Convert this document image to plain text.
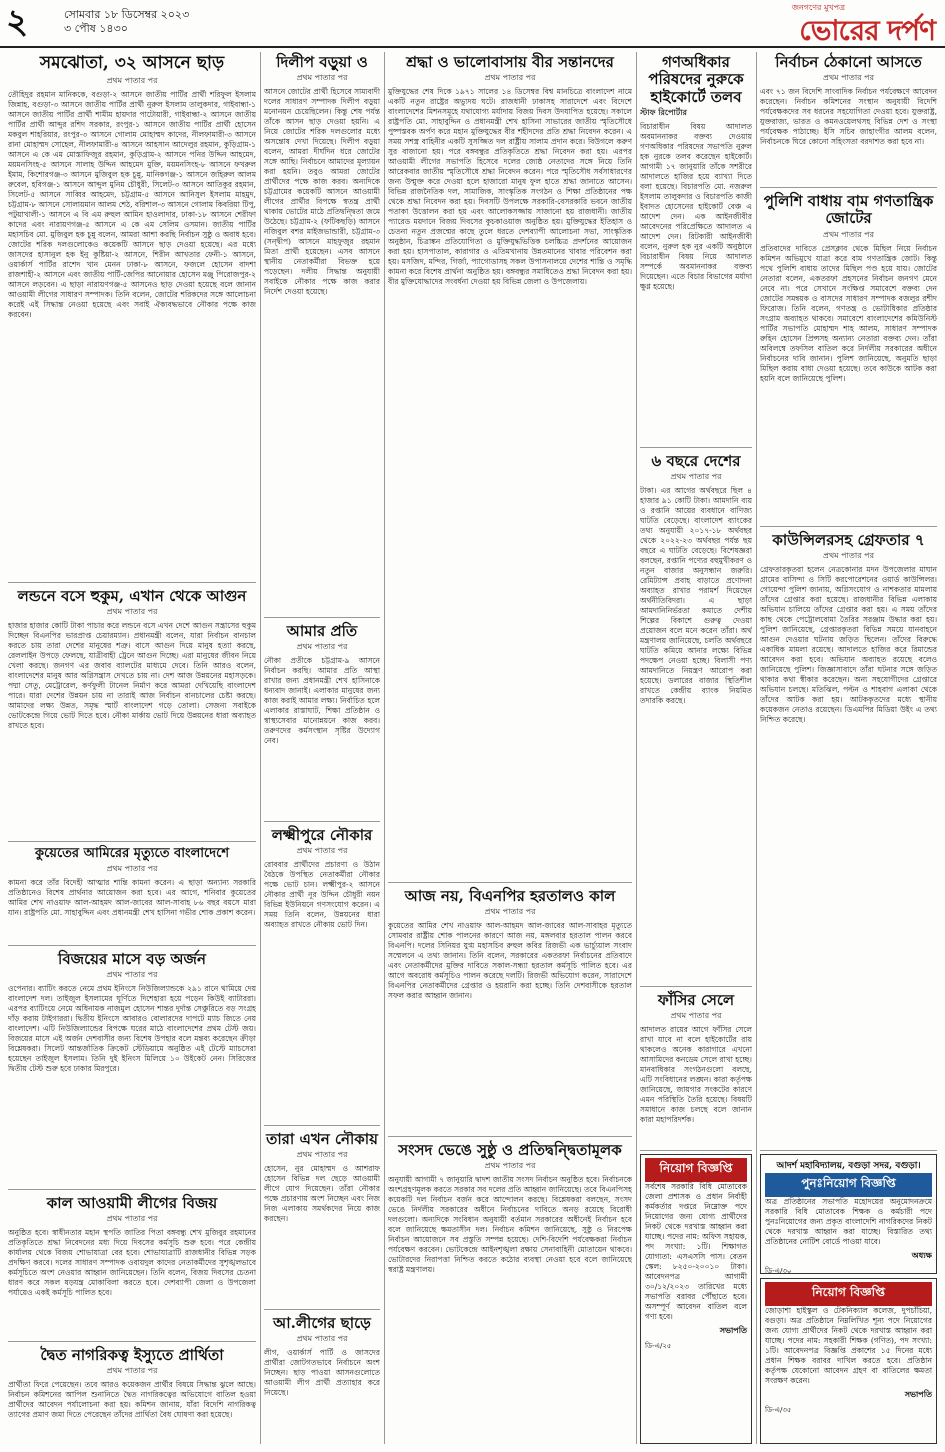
২	সোমবার ১৮ ডিসেম্বর ২০২৩
৩ পৌষ ১৪৩০
জনগণের মুখপত্র
ভোরের দর্পণ
সমঝোতা, ৩২ আসনে ছাড়
প্রথম পাতার পর
তৌহিদুর রহমান মানিককে, বগুড়া-২ আসনে জাতীয় পার্টির প্রার্থী শরিফুল ইসলাম জিন্নাহ, বগুড়া-৩ আসনে জাতীয় পার্টির প্রার্থী নুরুল ইসলাম তালুকদার, গাইবান্ধা-১ আসনে জাতীয় পার্টির প্রার্থী শামীম হায়দার পাটোয়ারী, গাইবান্ধা-২ আসনে জাতীয় পার্টির প্রার্থী আব্দুর রশিদ সরকার, রংপুর-১ আসনে জাতীয় পার্টির প্রার্থী হোসেন মকবুল শাহরিয়ার, রংপুর-৩ আসনে গোলাম মোহাম্মদ কাদের, নীলফামারী-৩ আসনে রানা মোহাম্মদ সোহেল, নীলফামারী-৪ আসনে আহসান আদেলুর রহমান, কুড়িগ্রাম-১ আসনে এ কে এম মোস্তাফিজুর রহমান, কুড়িগ্রাম-২ আসনে পনির উদ্দিন আহমেদ, ময়মনসিংহ-৫ আসনে সালাহ উদ্দিন আহমেদ মুক্তি, ময়মনসিংহ-৮ আসনে ফখরুল ইমাম, কিশোরগঞ্জ-৩ আসনে মুজিবুল হক চুন্নু, মানিকগঞ্জ-১ আসনে জহিরুল আলম রুবেল, হবিগঞ্জ-১ আসনে আব্দুল মুনিম চৌধুরী, সিলেট-৩ আসনে আতিকুর রহমান, সিলেট-৫ আসনে সাব্বির আহমেদ, চট্টগ্রাম-৫ আসনে আনিসুল ইসলাম মাহমুদ, চট্টগ্রাম-৮ আসনে সোলায়মান আলম শেঠ, বরিশাল-৩ আসনে গোলাম কিবরিয়া টিপু, পটুয়াখালী-১ আসনে এ বি এম রুহুল আমিন হাওলাদার, ঢাকা-১৮ আসনে শেরীফা কাদের এবং নারায়ণগঞ্জ-৫ আসনে এ কে এম সেলিম ওসমান। জাতীয় পার্টির মহাসচিব মো. মুজিবুল হক চুন্নু বলেন, আমরা আশা করছি নির্বাচন সুষ্ঠু ও অবাধ হবে। জোটের শরিক দলগুলোকেও কয়েকটি আসনে ছাড় দেওয়া হয়েছে। এর মধ্যে জাসদের হাসানুল হক ইনু কুষ্টিয়া-২ আসনে, শিরীন আখতার ফেনী-১ আসনে, ওয়ার্কার্স পার্টির রাশেদ খান মেনন ঢাকা-৮ আসনে, ফজলে হোসেন বাদশা রাজশাহী-২ আসনে এবং জাতীয় পার্টি-জেপির আনোয়ার হোসেন মঞ্জু পিরোজপুর-২ আসনে লড়বেন। এ ছাড়া নারায়ণগঞ্জ-৫ আসনেও ছাড় দেওয়া হয়েছে বলে জানান আওয়ামী লীগের সাধারণ সম্পাদক। তিনি বলেন, জোটের শরিকদের সঙ্গে আলোচনা করেই এই সিদ্ধান্ত নেওয়া হয়েছে এবং সবাই ঐক্যবদ্ধভাবে নৌকার পক্ষে কাজ করবেন।
লন্ডনে বসে হুকুম, এখান থেকে আগুন
প্রথম পাতার পর
হাজার হাজার কোটি টাকা পাচার করে লন্ডনে বসে এখন দেশে আগুন সন্ত্রাসের হুকুম দিচ্ছেন বিএনপির ভারপ্রাপ্ত চেয়ারম্যান। প্রধানমন্ত্রী বলেন, যারা নির্বাচন বানচাল করতে চায় তারা দেশের মানুষের শত্রু। বাসে আগুন দিয়ে মানুষ হত্যা করছে, রেললাইন উপড়ে ফেলছে, যাত্রীবাহী ট্রেনে আগুন দিচ্ছে। এরা মানুষের জীবন নিয়ে খেলা করছে। জনগণ এর জবাব ব্যালটের মাধ্যমে দেবে। তিনি আরও বলেন, বাংলাদেশের মানুষ আর অগ্নিসন্ত্রাস দেখতে চায় না। দেশ আজ উন্নয়নের মহাসড়কে। পদ্মা সেতু, মেট্রোরেল, কর্ণফুলী টানেল নির্মাণ করে আমরা দেখিয়েছি বাংলাদেশ পারে। যারা দেশের উন্নয়ন চায় না তারাই আজ নির্বাচন বানচালের চেষ্টা করছে। আমাদের লক্ষ্য উন্নত, সমৃদ্ধ স্মার্ট বাংলাদেশ গড়ে তোলা। সেজন্য সবাইকে ভোটকেন্দ্রে গিয়ে ভোট দিতে হবে। নৌকা মার্কায় ভোট দিয়ে উন্নয়নের ধারা অব্যাহত রাখতে হবে।
কুয়েতের আমিরের মৃত্যুতে বাংলাদেশে
প্রথম পাতার পর
কামনা করে তাঁর বিদেহী আত্মার শান্তি কামনা করেন। এ ছাড়া অন্যান্য সরকারি প্রতিষ্ঠানেও বিশেষ প্রার্থনার আয়োজন করা হবে। এর আগে, শনিবার কুয়েতের আমির শেখ নাওয়াফ আল-আহমদ আল-জাবের আল-সাবাহ ৮৬ বছর বয়সে মারা যান। রাষ্ট্রপতি মো. সাহাবুদ্দিন এবং প্রধানমন্ত্রী শেখ হাসিনা গভীর শোক প্রকাশ করেন।
বিজয়ের মাসে বড় অর্জন
প্রথম পাতার পর
ওপেনার। ব্যাটিং করতে নেমে প্রথম ইনিংসে নিউজিল্যান্ডকে ২৯১ রানে থামিয়ে দেয় বাংলাদেশ দল। তাইজুল ইসলামের ঘূর্ণিতে দিশেহারা হয়ে পড়েন কিউই ব্যাটাররা। এরপর ব্যাটিংয়ে নেমে অধিনায়ক নাজমুল হোসেন শান্তর দুর্দান্ত সেঞ্চুরিতে বড় সংগ্রহ দাঁড় করায় টাইগাররা। দ্বিতীয় ইনিংসে আবারও বোলারদের দাপটে ম্যাচ জিতে নেয় বাংলাদেশ। এটি নিউজিল্যান্ডের বিপক্ষে ঘরের মাঠে বাংলাদেশের প্রথম টেস্ট জয়। বিজয়ের মাসে এই অর্জন দেশবাসীর জন্য বিশেষ উপহার বলে মন্তব্য করেছেন ক্রীড়া বিশ্লেষকরা। সিলেট আন্তর্জাতিক ক্রিকেট স্টেডিয়ামে অনুষ্ঠিত এই টেস্টে ম্যাচসেরা হয়েছেন তাইজুল ইসলাম। তিনি দুই ইনিংস মিলিয়ে ১০ উইকেট নেন। সিরিজের দ্বিতীয় টেস্ট শুরু হবে ঢাকার মিরপুরে।
কাল আওয়ামী লীগের বিজয়
প্রথম পাতার পর
অনুষ্ঠিত হবে। স্বাধীনতার মহান স্থপতি জাতির পিতা বঙ্গবন্ধু শেখ মুজিবুর রহমানের প্রতিকৃতিতে শ্রদ্ধা নিবেদনের মধ্য দিয়ে দিবসের কর্মসূচি শুরু হবে। পরে কেন্দ্রীয় কার্যালয় থেকে বিজয় শোভাযাত্রা বের হবে। শোভাযাত্রাটি রাজধানীর বিভিন্ন সড়ক প্রদক্ষিণ করবে। দলের সাধারণ সম্পাদক ওবায়দুল কাদের নেতাকর্মীদের সুশৃঙ্খলভাবে কর্মসূচিতে অংশ নেওয়ার আহ্বান জানিয়েছেন। তিনি বলেন, বিজয় দিবসের চেতনা ধারণ করে সকল ষড়যন্ত্র মোকাবিলা করতে হবে। দেশব্যাপী জেলা ও উপজেলা পর্যায়েও একই কর্মসূচি পালিত হবে।
দ্বৈত নাগরিকত্ব ইস্যুতে প্রার্থিতা
প্রথম পাতার পর
প্রার্থীতা ফিরে পেয়েছেন। তবে আরও কয়েকজন প্রার্থীর বিষয়ে সিদ্ধান্ত ঝুলে আছে। নির্বাচন কমিশনের আপিল শুনানিতে দ্বৈত নাগরিকত্বের অভিযোগে বাতিল হওয়া প্রার্থীদের আবেদন পর্যালোচনা করা হয়। কমিশন জানায়, যাঁরা বিদেশি নাগরিকত্ব ত্যাগের প্রমাণ জমা দিতে পেরেছেন তাঁদের প্রার্থিতা বৈধ ঘোষণা করা হয়েছে।
দিলীপ বড়ুয়া ও
প্রথম পাতার পর
আসনে জোটের প্রার্থী হিসেবে সাম্যবাদী দলের সাধারণ সম্পাদক দিলীপ বড়ুয়া মনোনয়ন চেয়েছিলেন। কিন্তু শেষ পর্যন্ত তাঁকে আসন ছাড় দেওয়া হয়নি। এ নিয়ে জোটের শরিক দলগুলোর মধ্যে অসন্তোষ দেখা দিয়েছে। দিলীপ বড়ুয়া বলেন, আমরা দীর্ঘদিন ধরে জোটের সঙ্গে আছি। নির্বাচনে আমাদের মূল্যায়ন করা হয়নি। তবুও আমরা জোটের প্রার্থীদের পক্ষে কাজ করব। অন্যদিকে চট্টগ্রামের কয়েকটি আসনে আওয়ামী লীগের প্রার্থীর বিপক্ষে স্বতন্ত্র প্রার্থী থাকায় ভোটের মাঠে প্রতিদ্বন্দ্বিতা জমে উঠেছে। চট্টগ্রাম-২ (ফটিকছড়ি) আসনে নজিবুল বশর মাইজভান্ডারী, চট্টগ্রাম-৩ (সন্দ্বীপ) আসনে মাহফুজুর রহমান মিতা প্রার্থী হয়েছেন। এসব আসনে স্থানীয় নেতাকর্মীরা বিভক্ত হয়ে পড়েছেন। দলীয় সিদ্ধান্ত অনুযায়ী সবাইকে নৌকার পক্ষে কাজ করার নির্দেশ দেওয়া হয়েছে।
আমার প্রতি
প্রথম পাতার পর
নৌকা প্রতীকে চট্টগ্রাম-৯ আসনে নির্বাচন করছি। আমার প্রতি আস্থা রাখার জন্য প্রধানমন্ত্রী শেখ হাসিনাকে ধন্যবাদ জানাই। এলাকার মানুষের জন্য কাজ করাই আমার লক্ষ্য। নির্বাচিত হলে এলাকার রাস্তাঘাট, শিক্ষা প্রতিষ্ঠান ও স্বাস্থ্যসেবার মানোন্নয়নে কাজ করব। তরুণদের কর্মসংস্থান সৃষ্টির উদ্যোগ নেব।
লক্ষ্মীপুরে নৌকার
প্রথম পাতার পর
রোববার প্রার্থীদের প্রচারণা ও উঠান বৈঠকে উপস্থিত নেতাকর্মীরা নৌকার পক্ষে ভোট চান। লক্ষ্মীপুর-২ আসনে নৌকার প্রার্থী নূর উদ্দিন চৌধুরী নয়ন বিভিন্ন ইউনিয়নে গণসংযোগ করেন। এ সময় তিনি বলেন, উন্নয়নের ধারা অব্যাহত রাখতে নৌকায় ভোট দিন।
তারা এখন নৌকায়
প্রথম পাতার পর
হোসেন, নুর মোহাম্মদ ও আশরাফ হোসেন বিভিন্ন দল ছেড়ে আওয়ামী লীগে যোগ দিয়েছেন। তাঁরা নৌকার পক্ষে প্রচারণায় অংশ নিচ্ছেন এবং নিজ নিজ এলাকায় সমর্থকদের নিয়ে কাজ করছেন।
আ.লীগের ছাড়ে
প্রথম পাতার পর
লীগ, ওয়ার্কার্স পার্টি ও জাসদের প্রার্থীরা জোটগতভাবে নির্বাচনে অংশ নিচ্ছেন। ছাড় পাওয়া আসনগুলোতে আওয়ামী লীগ প্রার্থী প্রত্যাহার করে নিয়েছে।
শ্রদ্ধা ও ভালোবাসায় বীর সন্তানদের
প্রথম পাতার পর
মুক্তিযুদ্ধের শেষ দিকে ১৯৭১ সালের ১৪ ডিসেম্বর বিশ্ব মানচিত্রে বাংলাদেশ নামে একটি নতুন রাষ্ট্রের অভ্যুদয় ঘটে। রাজধানী ঢাকাসহ সারাদেশে এবং বিদেশে বাংলাদেশের মিশনসমূহে যথাযোগ্য মর্যাদায় বিজয় দিবস উদযাপিত হয়েছে। সকালে রাষ্ট্রপতি মো. সাহাবুদ্দিন ও প্রধানমন্ত্রী শেখ হাসিনা সাভারের জাতীয় স্মৃতিসৌধে পুষ্পস্তবক অর্পণ করে মহান মুক্তিযুদ্ধের বীর শহীদদের প্রতি শ্রদ্ধা নিবেদন করেন। এ সময় সশস্ত্র বাহিনীর একটি সুসজ্জিত দল রাষ্ট্রীয় সালাম প্রদান করে। বিউগলে করুণ সুর বাজানো হয়। পরে বঙ্গবন্ধুর প্রতিকৃতিতে শ্রদ্ধা নিবেদন করা হয়। এরপর আওয়ামী লীগের সভাপতি হিসেবে দলের জ্যেষ্ঠ নেতাদের সঙ্গে নিয়ে তিনি আরেকবার জাতীয় স্মৃতিসৌধে শ্রদ্ধা নিবেদন করেন। পরে স্মৃতিসৌধ সর্বসাধারণের জন্য উন্মুক্ত করে দেওয়া হলে হাজারো মানুষ ফুল হাতে শ্রদ্ধা জানাতে আসেন। বিভিন্ন রাজনৈতিক দল, সামাজিক, সাংস্কৃতিক সংগঠন ও শিক্ষা প্রতিষ্ঠানের পক্ষ থেকে শ্রদ্ধা নিবেদন করা হয়। দিবসটি উপলক্ষে সরকারি-বেসরকারি ভবনে জাতীয় পতাকা উত্তোলন করা হয় এবং আলোকসজ্জায় সাজানো হয় রাজধানী। জাতীয় প্যারেড ময়দানে বিজয় দিবসের কুচকাওয়াজ অনুষ্ঠিত হয়। মুক্তিযুদ্ধের ইতিহাস ও চেতনা নতুন প্রজন্মের কাছে তুলে ধরতে দেশব্যাপী আলোচনা সভা, সাংস্কৃতিক অনুষ্ঠান, চিত্রাঙ্কন প্রতিযোগিতা ও মুক্তিযুদ্ধভিত্তিক চলচ্চিত্র প্রদর্শনের আয়োজন করা হয়। হাসপাতাল, কারাগার ও এতিমখানায় উন্নতমানের খাবার পরিবেশন করা হয়। মসজিদ, মন্দির, গির্জা, প্যাগোডাসহ সকল উপাসনালয়ে দেশের শান্তি ও সমৃদ্ধি কামনা করে বিশেষ প্রার্থনা অনুষ্ঠিত হয়। বঙ্গবন্ধুর সমাধিতেও শ্রদ্ধা নিবেদন করা হয়। বীর মুক্তিযোদ্ধাদের সংবর্ধনা দেওয়া হয় বিভিন্ন জেলা ও উপজেলায়।
আজ নয়, বিএনপির হরতালও কাল
প্রথম পাতার পর
কুয়েতের আমির শেখ নাওয়াফ আল-আহমদ আল-জাবের আল-সাবাহর মৃত্যুতে সোমবার রাষ্ট্রীয় শোক পালনের কারণে আজ নয়, মঙ্গলবার হরতাল পালন করবে বিএনপি। দলের সিনিয়র যুগ্ম মহাসচিব রুহুল কবির রিজভী এক ভার্চ্যুয়াল সংবাদ সম্মেলনে এ তথ্য জানান। তিনি বলেন, সরকারের একতরফা নির্বাচনের প্রতিবাদে এবং নেতাকর্মীদের মুক্তির দাবিতে সকাল-সন্ধ্যা হরতাল কর্মসূচি পালিত হবে। এর আগে অবরোধ কর্মসূচিও পালন করেছে দলটি। রিজভী অভিযোগ করেন, সারাদেশে বিএনপির নেতাকর্মীদের গ্রেপ্তার ও হয়রানি করা হচ্ছে। তিনি দেশবাসীকে হরতাল সফল করার আহ্বান জানান।
সংসদ ভেঙে সুষ্ঠু ও প্রতিদ্বন্দ্বিতামূলক
প্রথম পাতার পর
অনুযায়ী আগামী ৭ জানুয়ারি দ্বাদশ জাতীয় সংসদ নির্বাচন অনুষ্ঠিত হবে। নির্বাচনকে অংশগ্রহণমূলক করতে সরকার সব দলের প্রতি আহ্বান জানিয়েছে। তবে বিএনপিসহ কয়েকটি দল নির্বাচন বর্জন করে আন্দোলন করছে। বিশ্লেষকরা বলছেন, সংসদ ভেঙে নির্দলীয় সরকারের অধীনে নির্বাচনের দাবিতে অনড় রয়েছে বিরোধী দলগুলো। অন্যদিকে সংবিধান অনুযায়ী বর্তমান সরকারের অধীনেই নির্বাচন হবে বলে জানিয়েছে ক্ষমতাসীন দল। নির্বাচন কমিশন জানিয়েছে, সুষ্ঠু ও নিরপেক্ষ নির্বাচন আয়োজনে সব প্রস্তুতি সম্পন্ন হয়েছে। দেশি-বিদেশি পর্যবেক্ষকরা নির্বাচন পর্যবেক্ষণ করবেন। ভোটকেন্দ্রে আইনশৃঙ্খলা রক্ষায় সেনাবাহিনী মোতায়েন থাকবে। ভোটারদের নিরাপত্তা নিশ্চিত করতে কঠোর ব্যবস্থা নেওয়া হবে বলে জানিয়েছে স্বরাষ্ট্র মন্ত্রণালয়।
গণঅধিকার পরিষদের নুরুকে হাইকোর্টে তলব
স্টাফ রিপোর্টার
বিচারাধীন বিষয় আদালত অবমাননাকর বক্তব্য দেওয়ায় গণঅধিকার পরিষদের সভাপতি নুরুল হক নুরকে তলব করেছেন হাইকোর্ট। আগামী ১৭ জানুয়ারি তাঁকে সশরীরে আদালতে হাজির হয়ে ব্যাখ্যা দিতে বলা হয়েছে। বিচারপতি মো. নজরুল ইসলাম তালুকদার ও বিচারপতি কাজী ইবাদত হোসেনের হাইকোর্ট বেঞ্চ এ আদেশ দেন। এক আইনজীবীর আবেদনের পরিপ্রেক্ষিতে আদালত এ আদেশ দেন। রিটকারী আইনজীবী বলেন, নুরুল হক নুর একটি অনুষ্ঠানে বিচারাধীন বিষয় নিয়ে আদালত সম্পর্কে অবমাননাকর বক্তব্য দিয়েছেন। এতে বিচার বিভাগের মর্যাদা ক্ষুণ্ণ হয়েছে।
৬ বছরে দেশের
প্রথম পাতার পর
টাকা। এর আগের অর্থবছরে ছিল ৪ হাজার ৯১ কোটি টাকা। আমদানি ব্যয় ও রপ্তানি আয়ের ব্যবধানে বাণিজ্য ঘাটতি বেড়েছে। বাংলাদেশ ব্যাংকের তথ্য অনুযায়ী ২০১৭-১৮ অর্থবছর থেকে ২০২২-২৩ অর্থবছর পর্যন্ত ছয় বছরে এ ঘাটতি বেড়েছে। বিশেষজ্ঞরা বলছেন, রপ্তানি পণ্যের বহুমুখীকরণ ও নতুন বাজার অনুসন্ধান জরুরি। রেমিট্যান্স প্রবাহ বাড়াতে প্রণোদনা অব্যাহত রাখার পরামর্শ দিয়েছেন অর্থনীতিবিদরা। এ ছাড়া আমদানিনির্ভরতা কমাতে দেশীয় শিল্পের বিকাশে গুরুত্ব দেওয়া প্রয়োজন বলে মনে করেন তাঁরা। অর্থ মন্ত্রণালয় জানিয়েছে, চলতি অর্থবছরে ঘাটতি কমিয়ে আনার লক্ষ্যে বিভিন্ন পদক্ষেপ নেওয়া হচ্ছে। বিলাসী পণ্য আমদানিতে নিয়ন্ত্রণ আরোপ করা হয়েছে। ডলারের বাজার স্থিতিশীল রাখতে কেন্দ্রীয় ব্যাংক নিয়মিত তদারকি করছে।
ফাঁসির সেলে
প্রথম পাতার পর
আদালত রায়ের আগে ফাঁসির সেলে রাখা যাবে না বলে হাইকোর্টের রায় থাকলেও অনেক কারাগারে এখনো আসামিদের কনডেম সেলে রাখা হচ্ছে। মানবাধিকার সংগঠনগুলো বলছে, এটি সংবিধানের লঙ্ঘন। কারা কর্তৃপক্ষ জানিয়েছে, জায়গার সংকটের কারণে এমন পরিস্থিতি তৈরি হয়েছে। বিষয়টি সমাধানে কাজ চলছে বলে জানান কারা মহাপরিদর্শক।
নিয়োগ বিজ্ঞপ্তি
সর্বশেষ সরকারি বিধি মোতাবেক জেলা প্রশাসক ও প্রধান নির্বাহী কর্মকর্তার দপ্তরে নিম্নোক্ত পদে নিয়োগের জন্য যোগ্য প্রার্থীদের নিকট থেকে দরখাস্ত আহ্বান করা যাচ্ছে। পদের নাম: অফিস সহায়ক, পদ সংখ্যা: ১টি। শিক্ষাগত যোগ্যতা: এসএসসি পাস। বেতন স্কেল: ৮২৫০-২০০১০ টাকা। আবেদনপত্র আগামী ৩০/১২/২০২৩ তারিখের মধ্যে সভাপতি বরাবর পৌঁছাতে হবে। অসম্পূর্ণ আবেদন বাতিল বলে গণ্য হবে।
সভাপতি
ডি-এ/২৫
নির্বাচন ঠেকানো আসতে
প্রথম পাতার পর
এবং ৭১ জন বিদেশি সাংবাদিক নির্বাচন পর্যবেক্ষণে আবেদন করেছেন। নির্বাচন কমিশনের সংস্থান অনুযায়ী বিদেশি পর্যবেক্ষকদের সব ধরনের সহযোগিতা দেওয়া হবে। যুক্তরাষ্ট্র, যুক্তরাজ্য, ভারত ও কমনওয়েলথসহ বিভিন্ন দেশ ও সংস্থা পর্যবেক্ষক পাঠাচ্ছে। ইসি সচিব জাহাংগীর আলম বলেন, নির্বাচনকে ঘিরে কোনো সহিংসতা বরদাশত করা হবে না।
পুলিশি বাধায় বাম গণতান্ত্রিক জোটের
প্রথম পাতার পর
প্রতিবাদের দাবিতে প্রেসক্লাব থেকে মিছিল নিয়ে নির্বাচন কমিশন অভিমুখে যাত্রা করে বাম গণতান্ত্রিক জোট। কিন্তু পথে পুলিশি বাধায় তাদের মিছিল পণ্ড হয়ে যায়। জোটের নেতারা বলেন, একতরফা প্রহসনের নির্বাচন জনগণ মেনে নেবে না। পরে সেখানে সংক্ষিপ্ত সমাবেশে বক্তব্য দেন জোটের সমন্বয়ক ও বাসদের সাধারণ সম্পাদক বজলুর রশীদ ফিরোজ। তিনি বলেন, গণতন্ত্র ও ভোটাধিকার প্রতিষ্ঠার সংগ্রাম অব্যাহত থাকবে। সমাবেশে বাংলাদেশের কমিউনিস্ট পার্টির সভাপতি মোহাম্মদ শাহ আলম, সাধারণ সম্পাদক রুহিন হোসেন প্রিন্সসহ অন্যান্য নেতারা বক্তব্য দেন। তাঁরা অবিলম্বে তফসিল বাতিল করে নির্দলীয় সরকারের অধীনে নির্বাচনের দাবি জানান। পুলিশ জানিয়েছে, অনুমতি ছাড়া মিছিল করায় বাধা দেওয়া হয়েছে। তবে কাউকে আটক করা হয়নি বলে জানিয়েছে পুলিশ।
কাউন্সিলরসহ গ্রেফতার ৭
প্রথম পাতার পর
গ্রেফতারকৃতরা হলেন নেত্রকোনার মদন উপজেলার মাঘান গ্রামের বাসিন্দা ও সিটি করপোরেশনের ওয়ার্ড কাউন্সিলর। গোয়েন্দা পুলিশ জানায়, অগ্নিসংযোগ ও নাশকতার মামলায় তাঁদের গ্রেপ্তার করা হয়েছে। রাজধানীর বিভিন্ন এলাকায় অভিযান চালিয়ে তাঁদের গ্রেপ্তার করা হয়। এ সময় তাঁদের কাছ থেকে পেট্রোলবোমা তৈরির সরঞ্জাম উদ্ধার করা হয়। পুলিশ জানিয়েছে, গ্রেপ্তারকৃতরা বিভিন্ন সময়ে যানবাহনে আগুন দেওয়ার ঘটনায় জড়িত ছিলেন। তাঁদের বিরুদ্ধে একাধিক মামলা রয়েছে। আদালতে হাজির করে রিমান্ডের আবেদন করা হবে। অভিযান অব্যাহত রয়েছে বলেও জানিয়েছে পুলিশ। জিজ্ঞাসাবাদে তাঁরা ঘটনার সঙ্গে জড়িত থাকার কথা স্বীকার করেছেন। অন্য সহযোগীদের গ্রেপ্তারে অভিযান চলছে। মতিঝিল, পল্টন ও শাহবাগ এলাকা থেকে তাঁদের আটক করা হয়। আটককৃতদের মধ্যে স্থানীয় কয়েকজন নেতাও রয়েছেন। ডিএমপির মিডিয়া উইং এ তথ্য নিশ্চিত করেছে।
আদর্শ মহাবিদ্যালয়, বগুড়া সদর, বগুড়া।
পুনঃনিয়োগ বিজ্ঞপ্তি
অত্র প্রতিষ্ঠানের সভাপতি মহোদয়ের অনুমোদনক্রমে সরকারি বিধি মোতাবেক শিক্ষক ও কর্মচারী পদে পুনঃনিয়োগের জন্য প্রকৃত বাংলাদেশি নাগরিকদের নিকট থেকে দরখাস্ত আহ্বান করা যাচ্ছে। বিস্তারিত তথ্য প্রতিষ্ঠানের নোটিশ বোর্ডে পাওয়া যাবে।
অধ্যক্ষ
ডি-এ/৩০
নিয়োগ বিজ্ঞপ্তি
জোড়াশা হাইস্কুল ও টেকনিক্যাল কলেজ, দুপচাঁচিয়া, বগুড়া। অত্র প্রতিষ্ঠানে নিম্নলিখিত শূন্য পদে নিয়োগের জন্য যোগ্য প্রার্থীদের নিকট থেকে দরখাস্ত আহ্বান করা যাচ্ছে। পদের নাম: সহকারী শিক্ষক (গণিত), পদ সংখ্যা: ১টি। আবেদনপত্র বিজ্ঞপ্তি প্রকাশের ১৫ দিনের মধ্যে প্রধান শিক্ষক বরাবর দাখিল করতে হবে। প্রতিষ্ঠান কর্তৃপক্ষ যেকোনো আবেদন গ্রহণ বা বাতিলের ক্ষমতা সংরক্ষণ করেন।
সভাপতি
ডি-এ/৩৫
